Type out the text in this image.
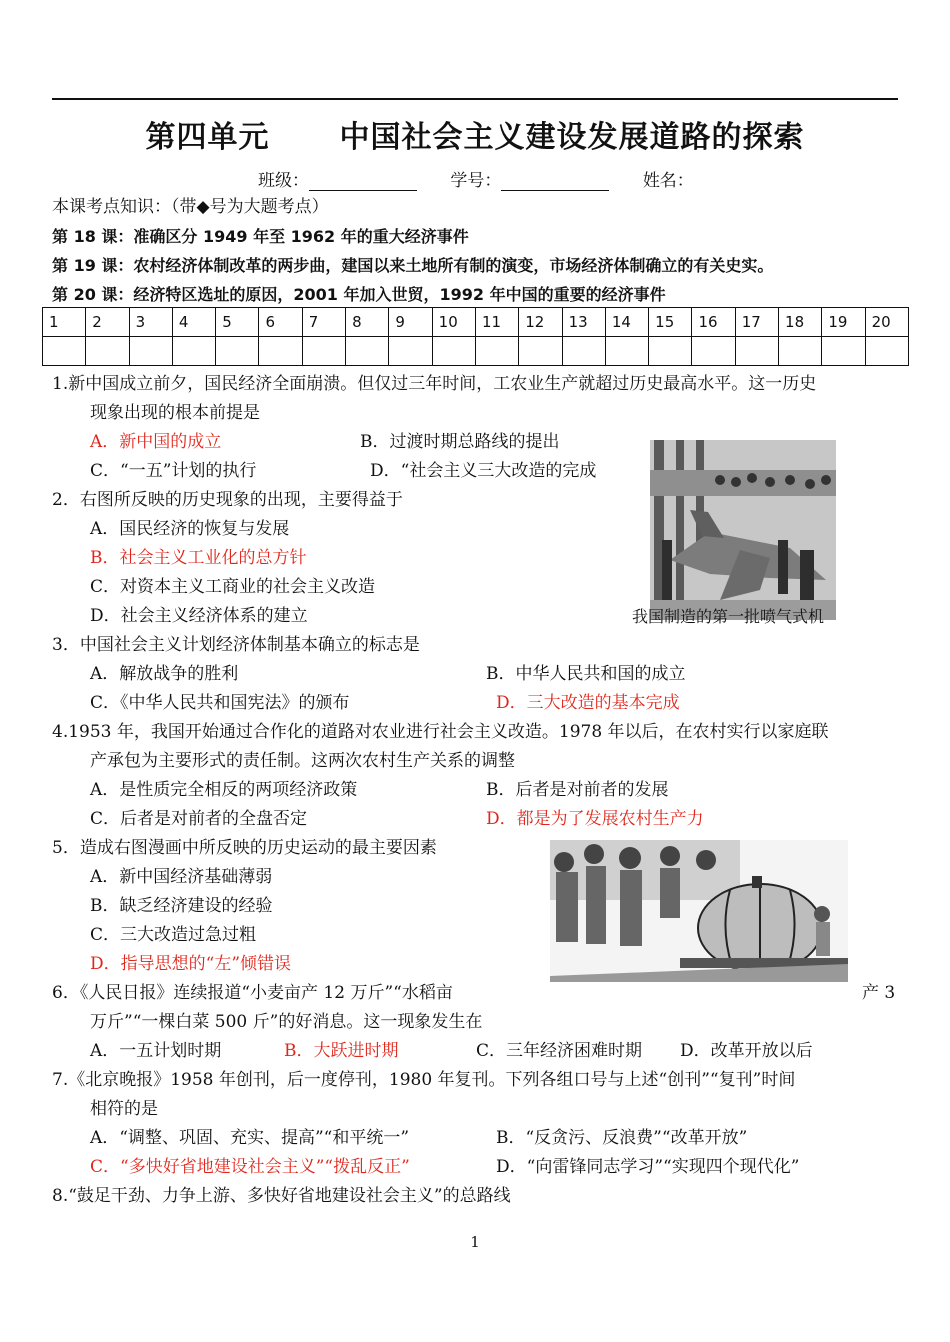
第四单元 中国社会主义建设发展道路的探索
班级：	学号：	姓名：
本课考点知识：（带◆号为大题考点）
第 18 课：准确区分 1949 年至 1962 年的重大经济事件
第 19 课：农村经济体制改革的两步曲，建国以来土地所有制的演变，市场经济体制确立的有关史实。
第 20 课：经济特区选址的原因，2001 年加入世贸，1992 年中国的重要的经济事件
1	2	3	4	5	6	7	8	9	10	11	12	13	14	15	16	17	18	19	20

1.新中国成立前夕，国民经济全面崩溃。但仅过三年时间，工农业生产就超过历史最高水平。这一历史
现象出现的根本前提是
A．新中国的成立	B．过渡时期总路线的提出
C．“一五”计划的执行	D．“社会主义三大改造的完成
2．右图所反映的历史现象的出现，主要得益于
A．国民经济的恢复与发展
B．社会主义工业化的总方针
C．对资本主义工商业的社会主义改造
D．社会主义经济体系的建立	我国制造的第一批喷气式机
3．中国社会主义计划经济体制基本确立的标志是
A．解放战争的胜利	B．中华人民共和国的成立
C．《中华人民共和国宪法》的颁布	D．三大改造的基本完成
4.1953 年，我国开始通过合作化的道路对农业进行社会主义改造。1978 年以后，在农村实行以家庭联
产承包为主要形式的责任制。这两次农村生产关系的调整
A．是性质完全相反的两项经济政策	B．后者是对前者的发展
C．后者是对前者的全盘否定	D．都是为了发展农村生产力
5．造成右图漫画中所反映的历史运动的最主要因素
A．新中国经济基础薄弱
B．缺乏经济建设的经验
C．三大改造过急过粗
D．指导思想的“左”倾错误
6．《人民日报》连续报道“小麦亩产 12 万斤”“水稻亩	产 3
万斤”“一棵白菜 500 斤”的好消息。这一现象发生在
A．一五计划时期	B．大跃进时期	C．三年经济困难时期 D．改革开放以后
7.《北京晚报》1958 年创刊，后一度停刊，1980 年复刊。下列各组口号与上述“创刊”“复刊”时间
相符的是
A．“调整、巩固、充实、提高”“和平统一”	B．“反贪污、反浪费”“改革开放”
C．“多快好省地建设社会主义”“拨乱反正”	D．“向雷锋同志学习”“实现四个现代化”
8.“鼓足干劲、力争上游、多快好省地建设社会主义”的总路线
1
